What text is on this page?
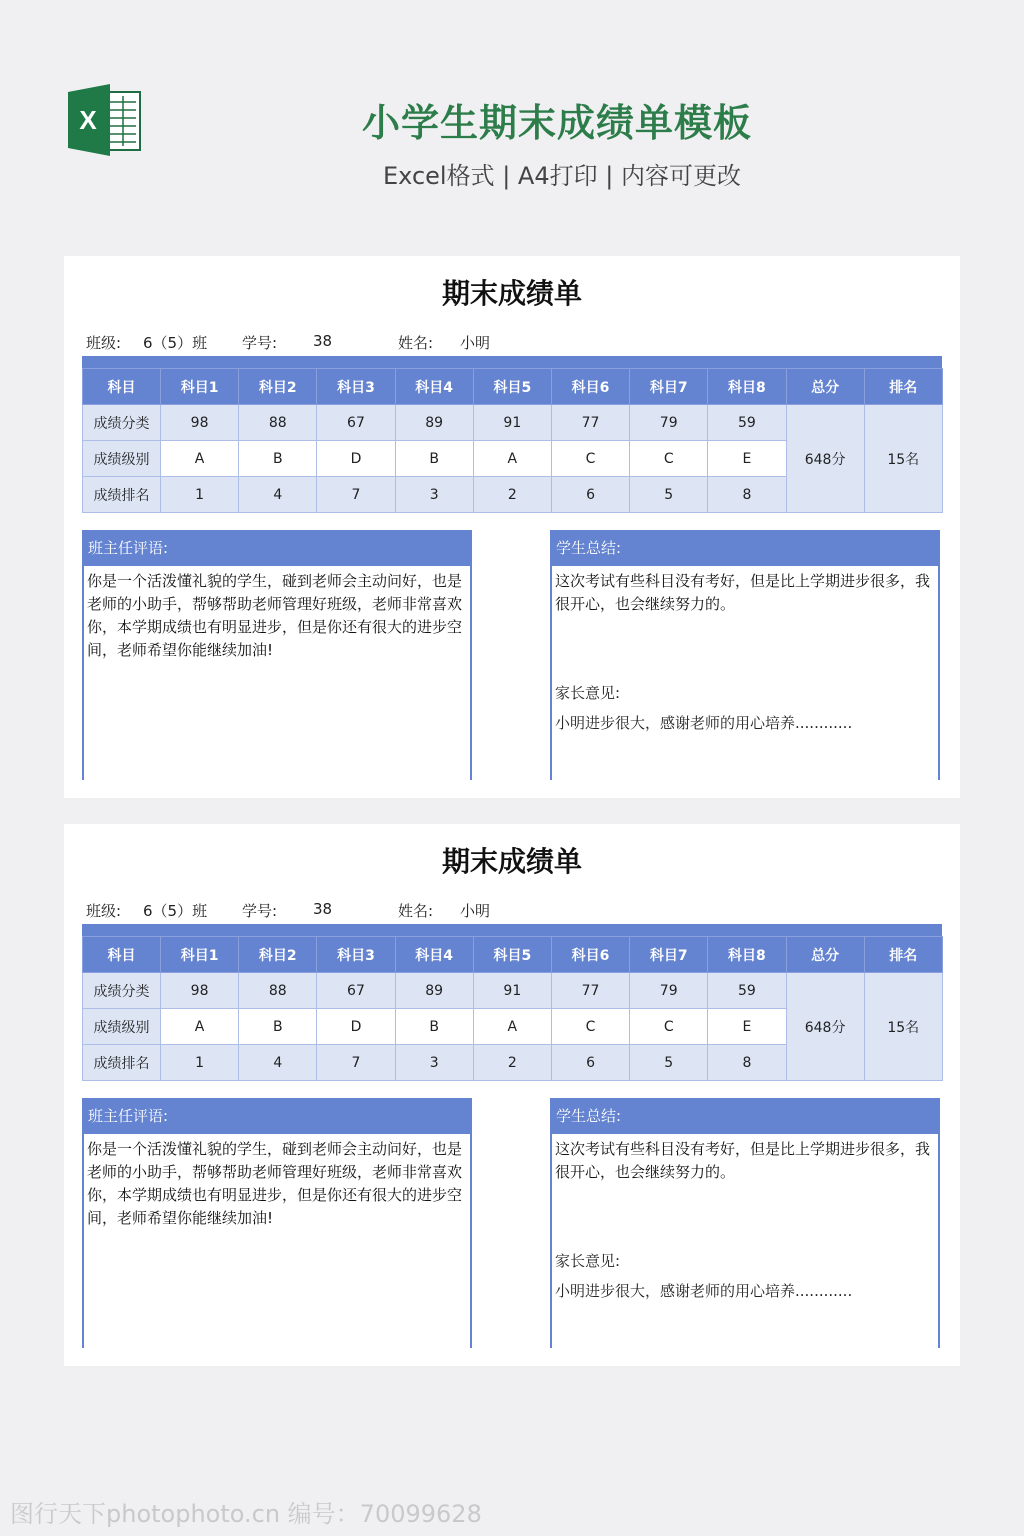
X	小学生期末成绩单模板
Excel格式 | A4打印 | 内容可更改
期末成绩单
班级: 6（5）班 学号: 38	姓名: 小明
科目	科目1	科目2	科目3	科目4	科目5	科目6	科目7	科目8	总分	排名
成绩分类	98	88	67	89	91	77	79	59	648分	15名
成绩级别	A	B	D	B	A	C	C	E		
成绩排名	1	4	7	3	2	6	5	8		
班主任评语:
你是一个活泼懂礼貌的学生，碰到老师会主动问好，也是老师的小助手，帮够帮助老师管理好班级，老师非常喜欢你，本学期成绩也有明显进步，但是你还有很大的进步空间，老师希望你能继续加油!
学生总结:
这次考试有些科目没有考好，但是比上学期进步很多，我很开心，也会继续努力的。
家长意见:
小明进步很大，感谢老师的用心培养............
期末成绩单
班级: 6（5）班 学号: 38	姓名: 小明
科目	科目1	科目2	科目3	科目4	科目5	科目6	科目7	科目8	总分	排名
成绩分类	98	88	67	89	91	77	79	59	648分	15名
成绩级别	A	B	D	B	A	C	C	E		
成绩排名	1	4	7	3	2	6	5	8		
班主任评语:
你是一个活泼懂礼貌的学生，碰到老师会主动问好，也是老师的小助手，帮够帮助老师管理好班级，老师非常喜欢你，本学期成绩也有明显进步，但是你还有很大的进步空间，老师希望你能继续加油!
学生总结:
这次考试有些科目没有考好，但是比上学期进步很多，我很开心，也会继续努力的。
家长意见:
小明进步很大，感谢老师的用心培养............
图行天下photophoto.cn 编号：70099628
